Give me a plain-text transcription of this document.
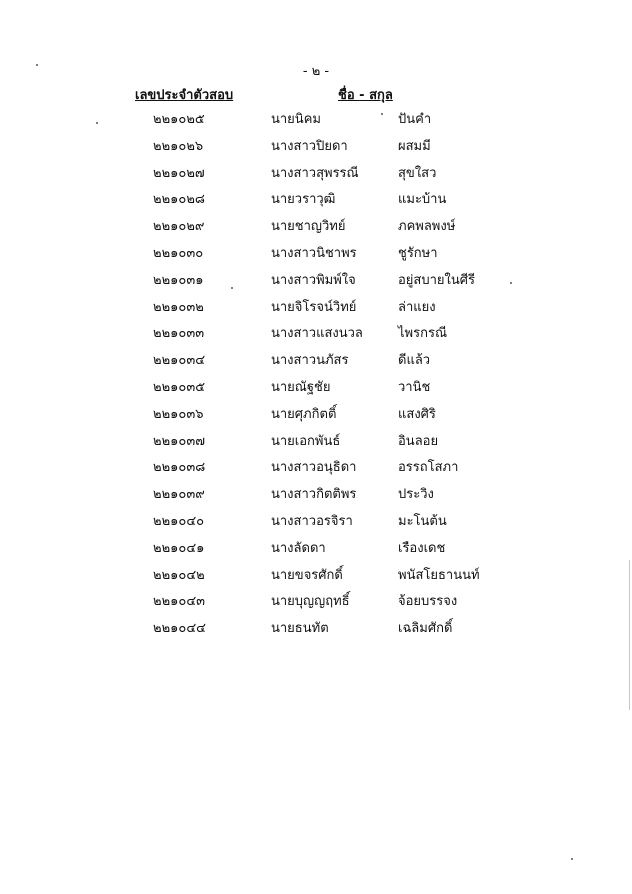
- ๒ -
เลขประจำตัวสอบ	ชื่อ - สกุล
๒๒๑๐๒๕	นายนิคม	ปันคำ
๒๒๑๐๒๖	นางสาวปิยดา	ผสมมี
๒๒๑๐๒๗	นางสาวสุพรรณี	สุขใสว
๒๒๑๐๒๘	นายวราวุฒิ	แมะบ้าน
๒๒๑๐๒๙	นายชาญวิทย์	ภคพลพงษ์
๒๒๑๐๓๐	นางสาวนิชาพร	ชูรักษา
๒๒๑๐๓๑	นางสาวพิมพ์ใจ	อยู่สบายในศีรี
๒๒๑๐๓๒	นายจิโรจน์วิทย์	ล่าแยง
๒๒๑๐๓๓	นางสาวแสงนวล	ไพรกรณี
๒๒๑๐๓๔	นางสาวนภัสร	ดีแล้ว
๒๒๑๐๓๕	นายณัฐชัย	วานิช
๒๒๑๐๓๖	นายศุภกิตติ์	แสงศิริ
๒๒๑๐๓๗	นายเอกพันธ์	อินลอย
๒๒๑๐๓๘	นางสาวอนุธิดา	อรรถโสภา
๒๒๑๐๓๙	นางสาวกิตติพร	ประวิง
๒๒๑๐๔๐	นางสาวอรจิรา	มะโนต้น
๒๒๑๐๔๑	นางลัดดา	เรืองเดช
๒๒๑๐๔๒	นายขจรศักดิ์	พนัสโยธานนท์
๒๒๑๐๔๓	นายบุญญฤทธิ์	จ้อยบรรจง
๒๒๑๐๔๔	นายธนทัต	เฉลิมศักดิ์
